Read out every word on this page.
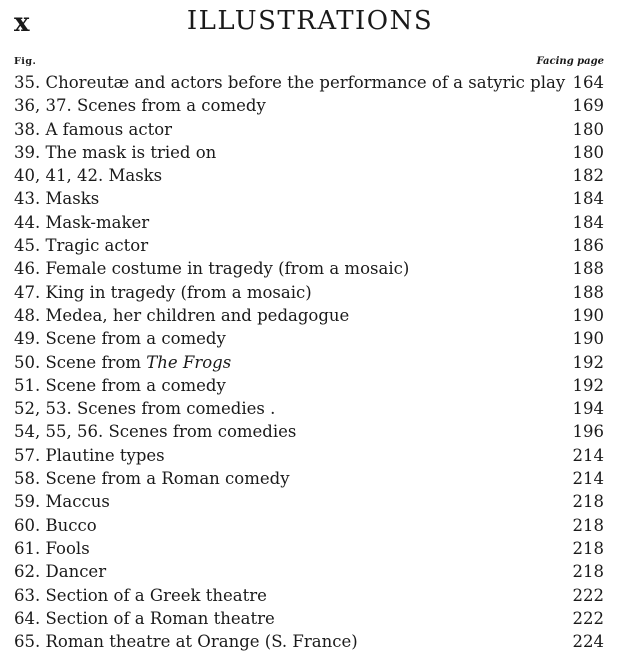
x	ILLUSTRATIONS
Fig.	Facing page
35. Choreutæ and actors before the performance of a satyric play 164
36, 37. Scenes from a comedy	169
38. A famous actor	180
39. The mask is tried on	180
40, 41, 42. Masks	182
43. Masks	184
44. Mask-maker	184
45. Tragic actor	186
46. Female costume in tragedy (from a mosaic)	188
47. King in tragedy (from a mosaic)	188
48. Medea, her children and pedagogue	190
49. Scene from a comedy	190
50. Scene from The Frogs	192
51. Scene from a comedy	192
52, 53. Scenes from comedies .	194
54, 55, 56. Scenes from comedies	196
57. Plautine types	214
58. Scene from a Roman comedy	214
59. Maccus	218
60. Bucco	218
61. Fools	218
62. Dancer	218
63. Section of a Greek theatre	222
64. Section of a Roman theatre	222
65. Roman theatre at Orange (S. France)	224
